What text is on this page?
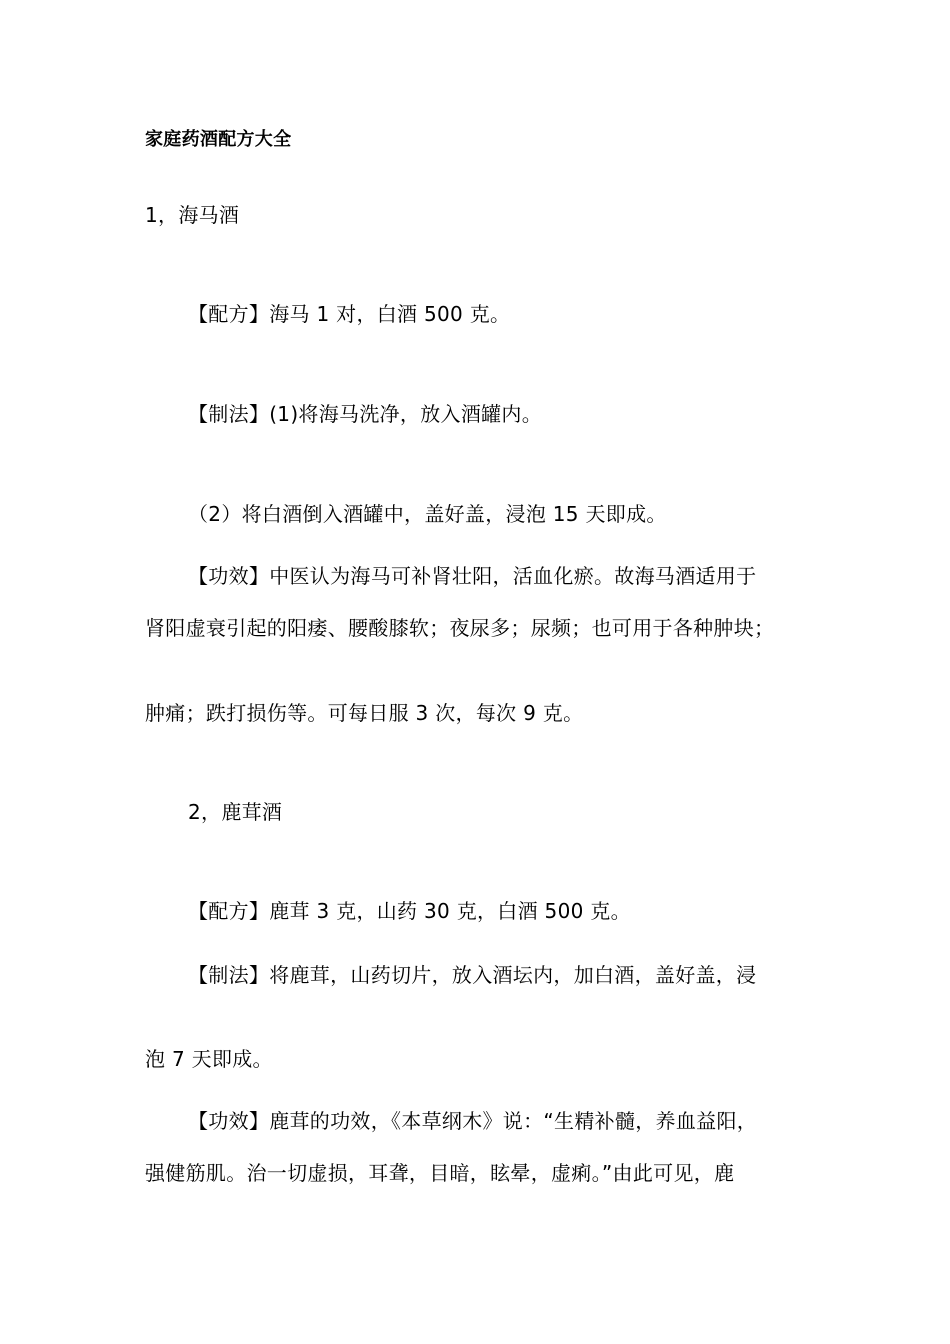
家庭药酒配方大全
1，海马酒
【配方】海马 1 对，白酒 500 克。
【制法】(1)将海马洗净，放入酒罐内。
（2）将白酒倒入酒罐中，盖好盖，浸泡 15 天即成。
【功效】中医认为海马可补肾壮阳，活血化瘀。故海马酒适用于
肾阳虚衰引起的阳痿、腰酸膝软；夜尿多；尿频；也可用于各种肿块；
肿痛；跌打损伤等。可每日服 3 次，每次 9 克。
2，鹿茸酒
【配方】鹿茸 3 克，山药 30 克，白酒 500 克。
【制法】将鹿茸，山药切片，放入酒坛内，加白酒，盖好盖，浸
泡 7 天即成。
【功效】鹿茸的功效，《本草纲木》说：“生精补髓，养血益阳，
强健筋肌。治一切虚损，耳聋，目暗，眩晕，虚痢。”由此可见，鹿
